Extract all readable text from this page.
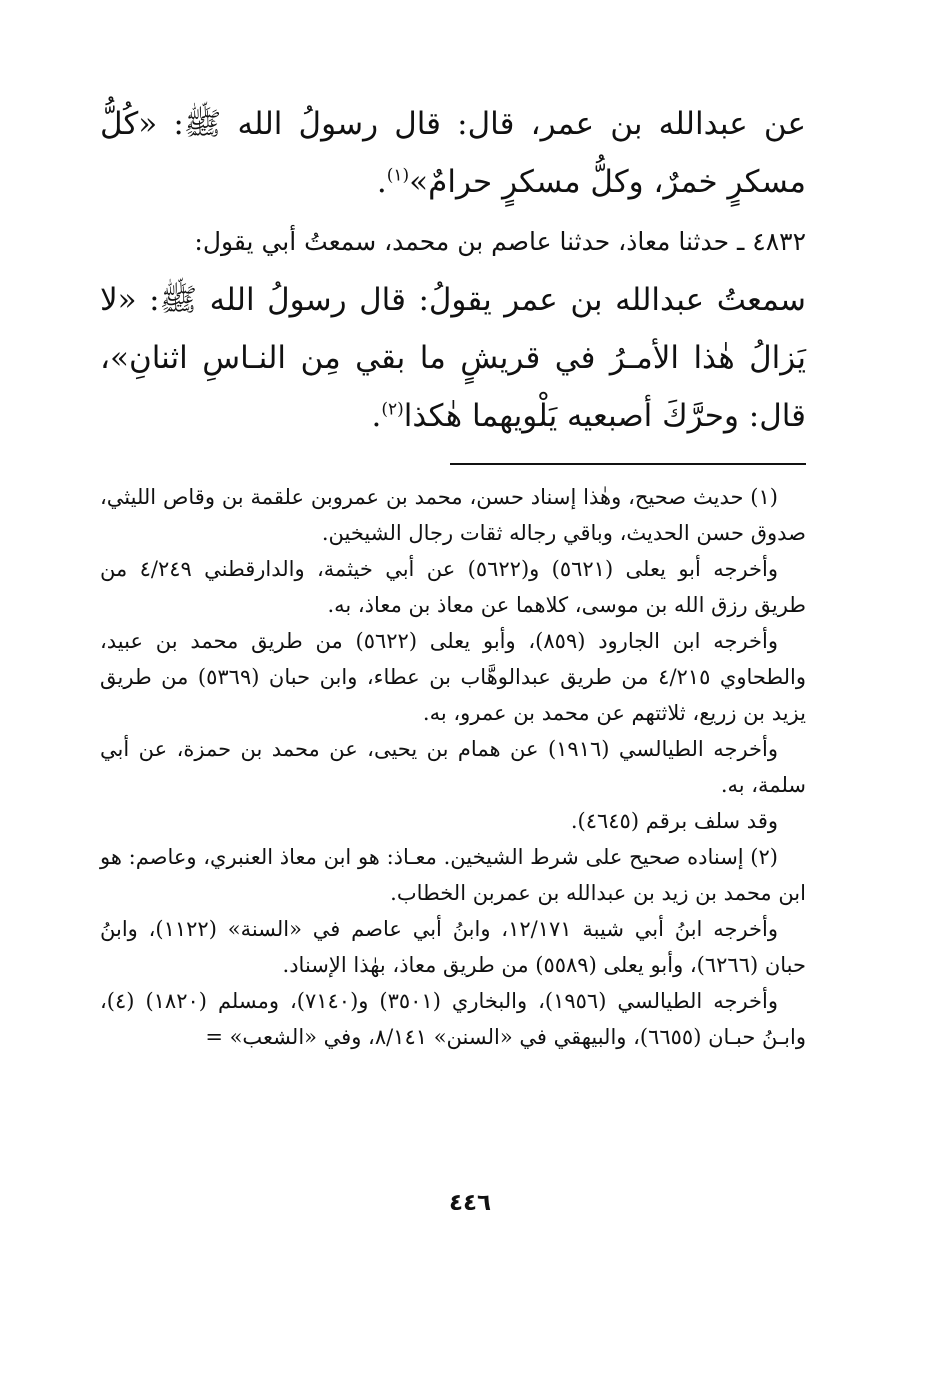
عن عبدالله بن عمر، قال: قال رسولُ الله ﷺ: «كُلُّ مسكرٍ خمرٌ، وكلُّ مسكرٍ حرامٌ»$^{(١)}$.

٤٨٣٢ ـ حدثنا معاذ، حدثنا عاصم بن محمد، سمعتُ أبي يقول:

سمعتُ عبدالله بن عمر يقولُ: قال رسولُ الله ﷺ: «لا يَزالُ هٰذا الأمـرُ في قريشٍ ما بقي مِن النـاسِ اثنانِ»، قال: وحرَّكَ أصبعيه يَلْويهما هٰكذا$^{(٢)}$.

(١) حديث صحيح، وهٰذا إسناد حسن، محمد بن عمروبن علقمة بن وقاص الليثي، صدوق حسن الحديث، وباقي رجاله ثقات رجال الشيخين.

وأخرجه أبو يعلى (٥٦٢١) و(٥٦٢٢) عن أبي خيثمة، والدارقطني ٤/٢٤٩ من طريق رزق الله بن موسى، كلاهما عن معاذ بن معاذ، به.

وأخرجه ابن الجارود (٨٥٩)، وأبو يعلى (٥٦٢٢) من طريق محمد بن عبيد، والطحاوي ٤/٢١٥ من طريق عبدالوهَّاب بن عطاء، وابن حبان (٥٣٦٩) من طريق يزيد بن زريع، ثلاثتهم عن محمد بن عمرو، به.

وأخرجه الطيالسي (١٩١٦) عن همام بن يحيى، عن محمد بن حمزة، عن أبي سلمة، به.

وقد سلف برقم (٤٦٤٥).

(٢) إسناده صحيح على شرط الشيخين. معـاذ: هو ابن معاذ العنبري، وعاصم: هو ابن محمد بن زيد بن عبدالله بن عمربن الخطاب.

وأخرجه ابنُ أبي شيبة ١٢/١٧١، وابنُ أبي عاصم في «السنة» (١١٢٢)، وابنُ حبان (٦٢٦٦)، وأبو يعلى (٥٥٨٩) من طريق معاذ، بهٰذا الإسناد.

وأخرجه الطيالسي (١٩٥٦)، والبخاري (٣٥٠١) و(٧١٤٠)، ومسلم (١٨٢٠) (٤)، وابـنُ حبـان (٦٦٥٥)، والبيهقي في «السنن» ٨/١٤١، وفي «الشعب» =

٤٤٦
